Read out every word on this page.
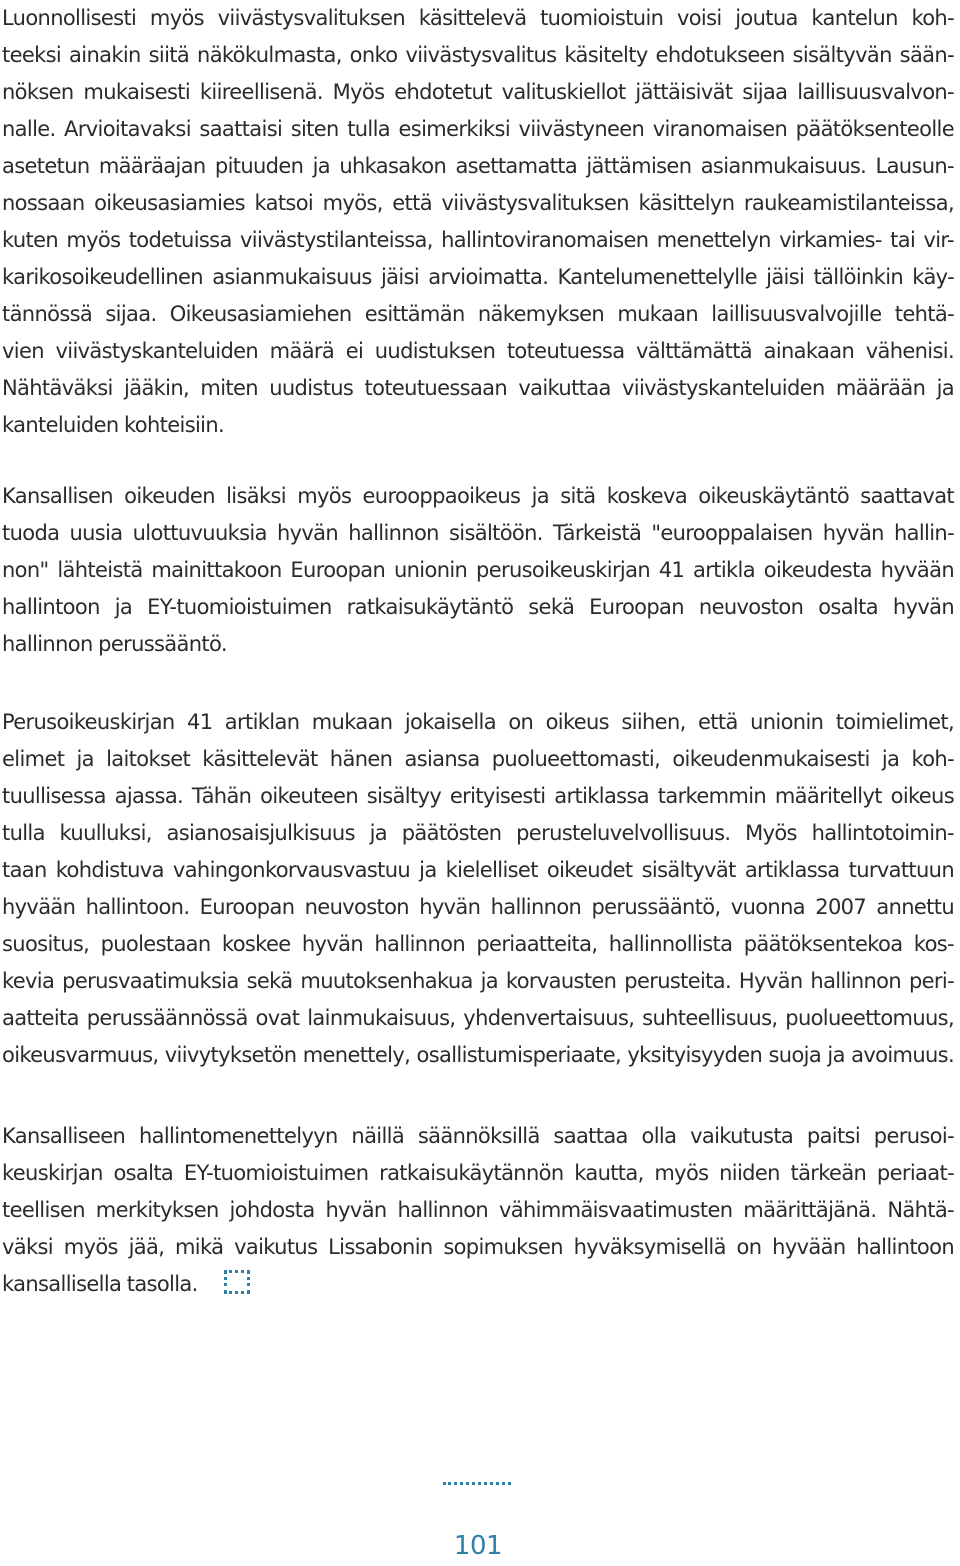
Luonnollisesti myös viivästysvalituksen käsittelevä tuomioistuin voisi joutua kantelun koh-
teeksi ainakin siitä näkökulmasta, onko viivästysvalitus käsitelty ehdotukseen sisältyvän sään-
nöksen mukaisesti kiireellisenä. Myös ehdotetut valituskiellot jättäisivät sijaa laillisuusvalvon-
nalle. Arvioitavaksi saattaisi siten tulla esimerkiksi viivästyneen viranomaisen päätöksenteolle
asetetun määräajan pituuden ja uhkasakon asettamatta jättämisen asianmukaisuus. Lausun-
nossaan oikeusasiamies katsoi myös, että viivästysvalituksen käsittelyn raukeamistilanteissa,
kuten myös todetuissa viivästystilanteissa, hallintoviranomaisen menettelyn virkamies- tai vir-
karikosoikeudellinen asianmukaisuus jäisi arvioimatta. Kantelumenettelylle jäisi tällöinkin käy-
tännössä sijaa. Oikeusasiamiehen esittämän näkemyksen mukaan laillisuusvalvojille tehtä-
vien viivästyskanteluiden määrä ei uudistuksen toteutuessa välttämättä ainakaan vähenisi.
Nähtäväksi jääkin, miten uudistus toteutuessaan vaikuttaa viivästyskanteluiden määrään ja
kanteluiden kohteisiin.
Kansallisen oikeuden lisäksi myös eurooppaoikeus ja sitä koskeva oikeuskäytäntö saattavat
tuoda uusia ulottuvuuksia hyvän hallinnon sisältöön. Tärkeistä "eurooppalaisen hyvän hallin-
non" lähteistä mainittakoon Euroopan unionin perusoikeuskirjan 41 artikla oikeudesta hyvään
hallintoon ja EY-tuomioistuimen ratkaisukäytäntö sekä Euroopan neuvoston osalta hyvän
hallinnon perussääntö.
Perusoikeuskirjan 41 artiklan mukaan jokaisella on oikeus siihen, että unionin toimielimet,
elimet ja laitokset käsittelevät hänen asiansa puolueettomasti, oikeudenmukaisesti ja koh-
tuullisessa ajassa. Tähän oikeuteen sisältyy erityisesti artiklassa tarkemmin määritellyt oikeus
tulla kuulluksi, asianosaisjulkisuus ja päätösten perusteluvelvollisuus. Myös hallintotoimin-
taan kohdistuva vahingonkorvausvastuu ja kielelliset oikeudet sisältyvät artiklassa turvattuun
hyvään hallintoon. Euroopan neuvoston hyvän hallinnon perussääntö, vuonna 2007 annettu
suositus, puolestaan koskee hyvän hallinnon periaatteita, hallinnollista päätöksentekoa kos-
kevia perusvaatimuksia sekä muutoksenhakua ja korvausten perusteita. Hyvän hallinnon peri-
aatteita perussäännössä ovat lainmukaisuus, yhdenvertaisuus, suhteellisuus, puolueettomuus,
oikeusvarmuus, viivytyksetön menettely, osallistumisperiaate, yksityisyyden suoja ja avoimuus.
Kansalliseen hallintomenettelyyn näillä säännöksillä saattaa olla vaikutusta paitsi perusoi-
keuskirjan osalta EY-tuomioistuimen ratkaisukäytännön kautta, myös niiden tärkeän periaat-
teellisen merkityksen johdosta hyvän hallinnon vähimmäisvaatimusten määrittäjänä. Nähtä-
väksi myös jää, mikä vaikutus Lissabonin sopimuksen hyväksymisellä on hyvään hallintoon
kansallisella tasolla.
101
